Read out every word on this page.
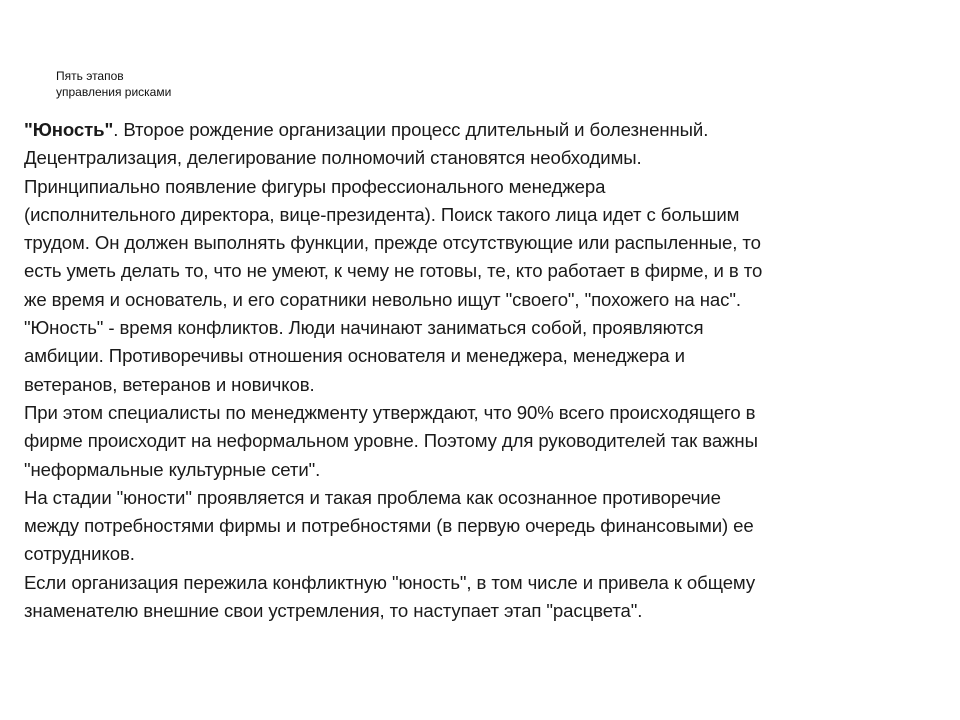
Пять этапов
управления рисками
"Юность". Второе рождение организации процесс длительный и болезненный.
Децентрализация, делегирование полномочий становятся необходимы.
Принципиально появление фигуры профессионального менеджера
(исполнительного директора, вице-президента). Поиск такого лица идет с большим
трудом. Он должен выполнять функции, прежде отсутствующие или распыленные, то
есть уметь делать то, что не умеют, к чему не готовы, те, кто работает в фирме, и в то
же время и основатель, и его соратники невольно ищут "своего", "похожего на нас".
"Юность" - время конфликтов. Люди начинают заниматься собой, проявляются
амбиции. Противоречивы отношения основателя и менеджера, менеджера и
ветеранов, ветеранов и новичков.
При этом специалисты по менеджменту утверждают, что 90% всего происходящего в
фирме происходит на неформальном уровне. Поэтому для руководителей так важны
"неформальные культурные сети".
На стадии "юности" проявляется и такая проблема как осознанное противоречие
между потребностями фирмы и потребностями (в первую очередь финансовыми) ее
сотрудников.
Если организация пережила конфликтную "юность", в том числе и привела к общему
знаменателю внешние свои устремления, то наступает этап "расцвета".
